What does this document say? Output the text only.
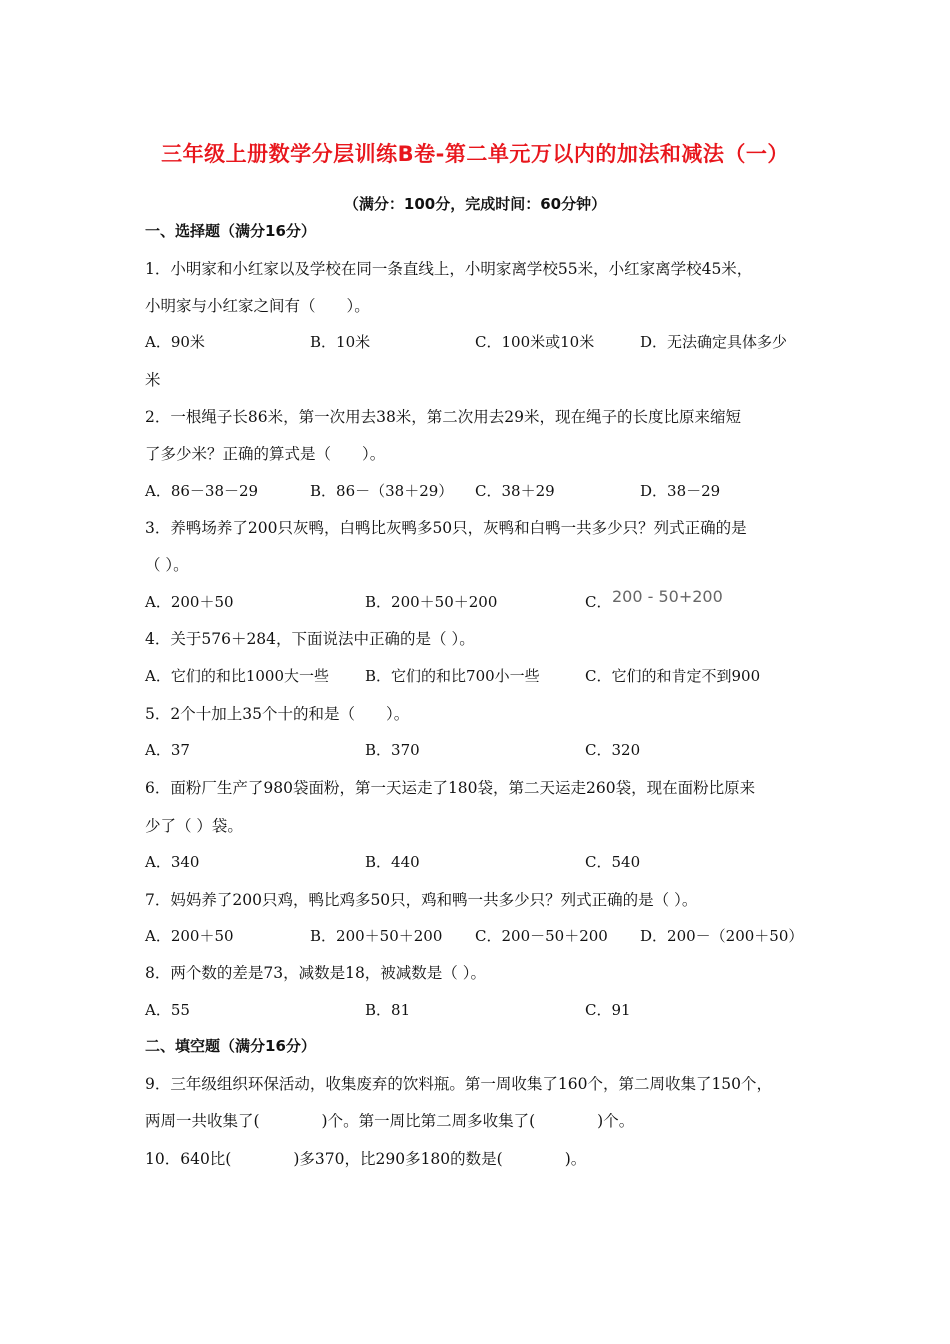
三年级上册数学分层训练B卷-第二单元万以内的加法和减法（一）
（满分：100分，完成时间：60分钟）
一、选择题（满分16分）
1．小明家和小红家以及学校在同一条直线上，小明家离学校55米，小红家离学校45米，
小明家与小红家之间有（　　）。
A．90米	B．10米	C．100米或10米	D．无法确定具体多少
米
2．一根绳子长86米，第一次用去38米，第二次用去29米，现在绳子的长度比原来缩短
了多少米？正确的算式是（　　）。
A．86－38－29	B．86－（38＋29） C．38＋29	D．38－29
3．养鸭场养了200只灰鸭，白鸭比灰鸭多50只，灰鸭和白鸭一共多少只？列式正确的是
（ ）。
A．200＋50	B．200＋50＋200	C． 200 - 50+200
4．关于576＋284，下面说法中正确的是（ ）。
A．它们的和比1000大一些 B．它们的和比700小一些	C．它们的和肯定不到900
5．2个十加上35个十的和是（　　）。
A．37	B．370	C．320
6．面粉厂生产了980袋面粉，第一天运走了180袋，第二天运走260袋，现在面粉比原来
少了（ ）袋。
A．340	B．440	C．540
7．妈妈养了200只鸡，鸭比鸡多50只，鸡和鸭一共多少只？列式正确的是（ ）。
A．200＋50	B．200＋50＋200 C．200－50＋200 D．200－（200＋50）
8．两个数的差是73，减数是18，被减数是（ ）。
A．55	B．81	C．91
二、填空题（满分16分）
9．三年级组织环保活动，收集废弃的饮料瓶。第一周收集了160个，第二周收集了150个，
两周一共收集了(　　　　)个。第一周比第二周多收集了(　　　　)个。
10．640比(　　　　)多370，比290多180的数是(　　　　)。
